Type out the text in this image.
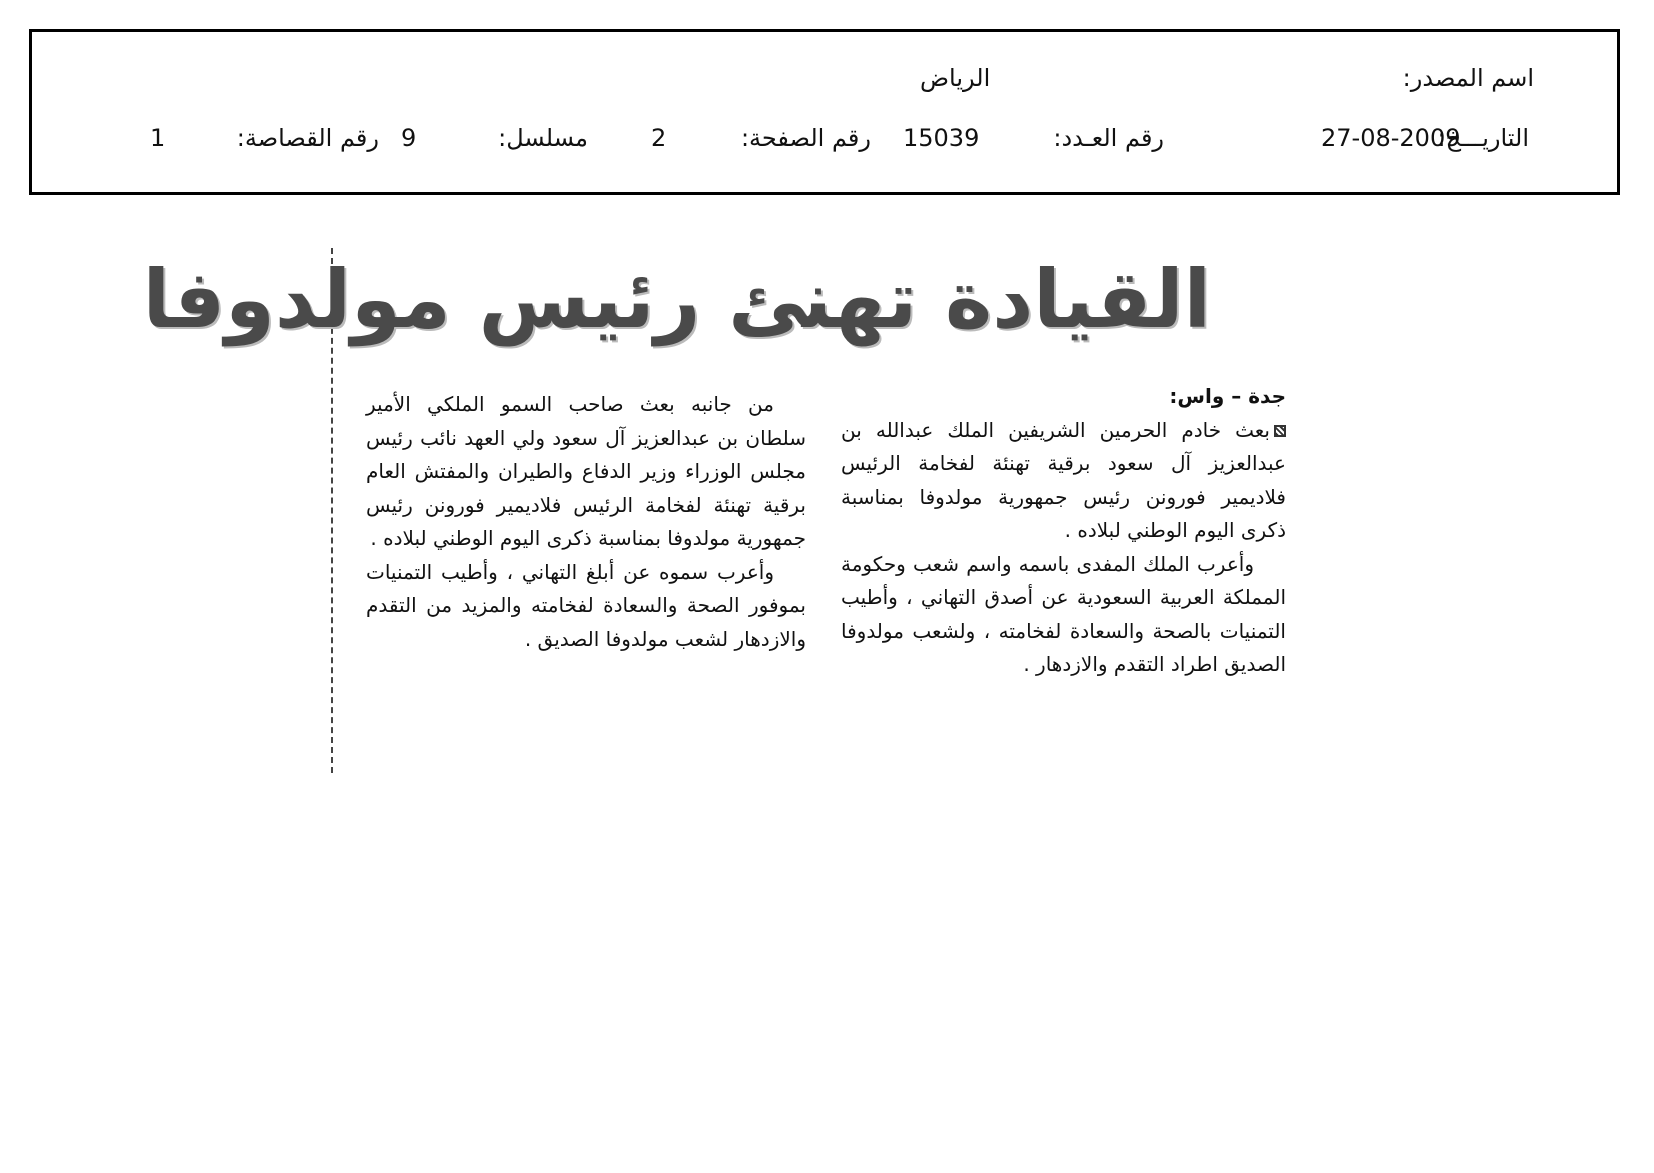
اسم المصدر:
الرياض
التاريـــخ:
27-08-2009
رقم العـدد:
15039
رقم الصفحة:
2
مسلسل:
9
رقم القصاصة:
1
القيادة تهنئ رئيس مولدوفا
جدة – واس:

بعث خادم الحرمين الشريفين الملك عبدالله بن عبدالعزيز آل سعود برقية تهنئة لفخامة الرئيس فلاديمير فورونن رئيس جمهورية مولدوفا بمناسبة ذكرى اليوم الوطني لبلاده .

وأعرب الملك المفدى باسمه واسم شعب وحكومة المملكة العربية السعودية عن أصدق التهاني ، وأطيب التمنيات بالصحة والسعادة لفخامته ، ولشعب مولدوفا الصديق اطراد التقدم والازدهار .

من جانبه بعث صاحب السمو الملكي الأمير سلطان بن عبدالعزيز آل سعود ولي العهد نائب رئيس مجلس الوزراء وزير الدفاع والطيران والمفتش العام برقية تهنئة لفخامة الرئيس فلاديمير فورونن رئيس جمهورية مولدوفا بمناسبة ذكرى اليوم الوطني لبلاده .

وأعرب سموه عن أبلغ التهاني ، وأطيب التمنيات بموفور الصحة والسعادة لفخامته والمزيد من التقدم والازدهار لشعب مولدوفا الصديق .
